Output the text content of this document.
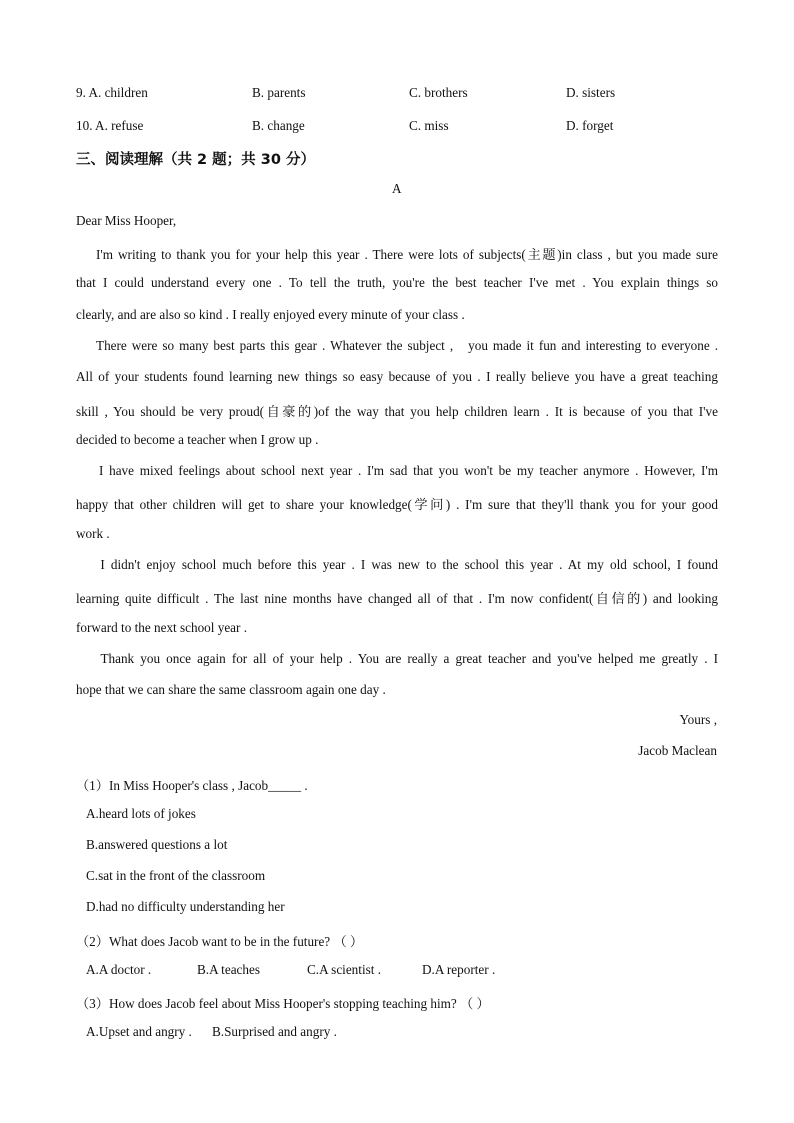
9. A. children	B. parents	C. brothers	D. sisters
10. A. refuse	B. change	C. miss	D. forget
三、阅读理解（共 2 题；共 30 分）
A
Dear Miss Hooper,
I'm writing to thank you for your help this year . There were lots of subjects(主题)in class , but you made sure
that I could understand every one . To tell the truth, you're the best teacher I've met . You explain things so
clearly, and are also so kind . I really enjoyed every minute of your class .
There were so many best parts this gear . Whatever the subject ,   you made it fun and interesting to everyone .
All of your students found learning new things so easy because of you . I really believe you have a great teaching
skill , You should be very proud(自豪的)of the way that you help children learn . It is because of you that I've
decided to become a teacher when I grow up .
I have mixed feelings about school next year . I'm sad that you won't be my teacher anymore . However, I'm
happy that other children will get to share your knowledge(学问) . I'm sure that they'll thank you for your good
work .
I didn't enjoy school much before this year . I was new to the school this year . At my old school, I found
learning quite difficult . The last nine months have changed all of that . I'm now confident(自信的) and looking
forward to the next school year .
Thank you once again for all of your help . You are really a great teacher and you've helped me greatly . I
hope that we can share the same classroom again one day .
Yours ,
Jacob Maclean
（1）In Miss Hooper's class , Jacob_____ .
A.heard lots of jokes
B.answered questions a lot
C.sat in the front of the classroom
D.had no difficulty understanding her
（2）What does Jacob want to be in the future? （ ）
A.A doctor .	B.A teaches	C.A scientist .	D.A reporter .
（3）How does Jacob feel about Miss Hooper's stopping teaching him? （ ）
A.Upset and angry . B.Surprised and angry .
